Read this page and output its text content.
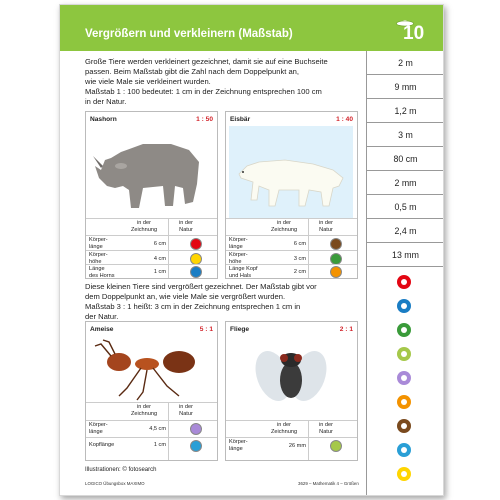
Vergrößern und verkleinern (Maßstab)	10
Große Tiere werden verkleinert gezeichnet, damit sie auf eine Buchseite
passen. Beim Maßstab gibt die Zahl nach dem Doppelpunkt an,
wie viele Male sie verkleinert wurden.
Maßstab 1 : 100 bedeutet: 1 cm in der Zeichnung entsprechen 100 cm
in der Natur.
Nashorn	1 : 50
in der
Zeichnung
in der
Natur
Körper-
länge	6 cm
Körper-
höhe	4 cm
Länge
des Horns
1 cm
Eisbär	1 : 40
in der
Zeichnung
in der
Natur
Körper-
länge	6 cm
Körper-
höhe	3 cm
Länge Kopf
und Hals
2 cm
Diese kleinen Tiere sind vergrößert gezeichnet. Der Maßstab gibt vor
dem Doppelpunkt an, wie viele Male sie vergrößert wurden.
Maßstab 3 : 1 heißt: 3 cm in der Zeichnung entsprechen 1 cm in
der Natur.
Ameise	5 : 1
in der
Zeichnung
in der
Natur
Körper-
länge	4,5 cm
Kopflänge	1 cm
Fliege	2 : 1
in der
Zeichnung
in der
Natur
Körper-
länge	26 mm
Illustrationen: © fotosearch
LOGICO Übungsbox MAXIMO	3629 – Mathematik 4 – Größen
2 m
9 mm
1,2 m
3 m
80 cm
2 mm
0,5 m
2,4 m
13 mm
